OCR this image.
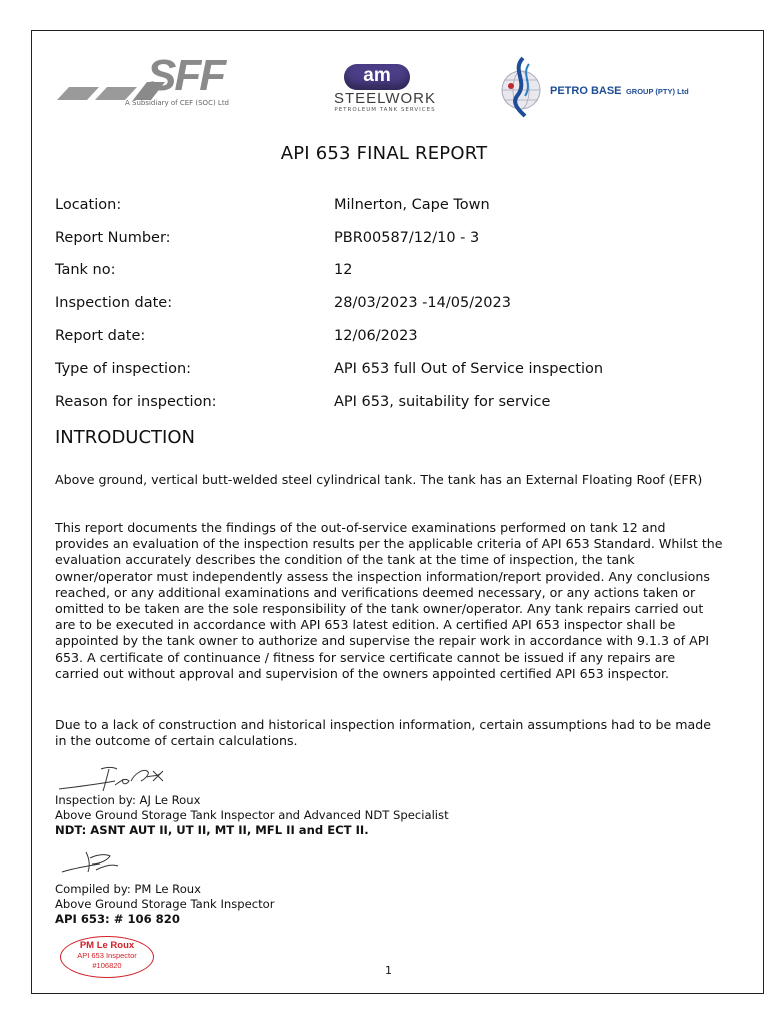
SFF
A Subsidiary of CEF (SOC) Ltd
am
STEELWORK
PETROLEUM TANK SERVICES
PETRO BASE GROUP (PTY) Ltd
API 653 FINAL REPORT
Location:	Milnerton, Cape Town
Report Number:	PBR00587/12/10 - 3
Tank no:	12
Inspection date:	28/03/2023 -14/05/2023
Report date:	12/06/2023
Type of inspection:	API 653 full Out of Service inspection
Reason for inspection:	API 653, suitability for service
INTRODUCTION
Above ground, vertical butt-welded steel cylindrical tank. The tank has an External Floating Roof (EFR)
This report documents the findings of the out-of-service examinations performed on tank 12 and provides an evaluation of the inspection results per the applicable criteria of API 653 Standard. Whilst the evaluation accurately describes the condition of the tank at the time of inspection, the tank owner/operator must independently assess the inspection information/report provided. Any conclusions reached, or any additional examinations and verifications deemed necessary, or any actions taken or omitted to be taken are the sole responsibility of the tank owner/operator. Any tank repairs carried out are to be executed in accordance with API 653 latest edition. A certified API 653 inspector shall be appointed by the tank owner to authorize and supervise the repair work in accordance with 9.1.3 of API 653. A certificate of continuance / fitness for service certificate cannot be issued if any repairs are carried out without approval and supervision of the owners appointed certified API 653 inspector.
Due to a lack of construction and historical inspection information, certain assumptions had to be made in the outcome of certain calculations.
Inspection by: AJ Le Roux
Above Ground Storage Tank Inspector and Advanced NDT Specialist
NDT: ASNT AUT II, UT II, MT II, MFL II and ECT II.
Compiled by: PM Le Roux
Above Ground Storage Tank Inspector
API 653: # 106 820
PM Le Roux
API 653 Inspector
#106820	1
